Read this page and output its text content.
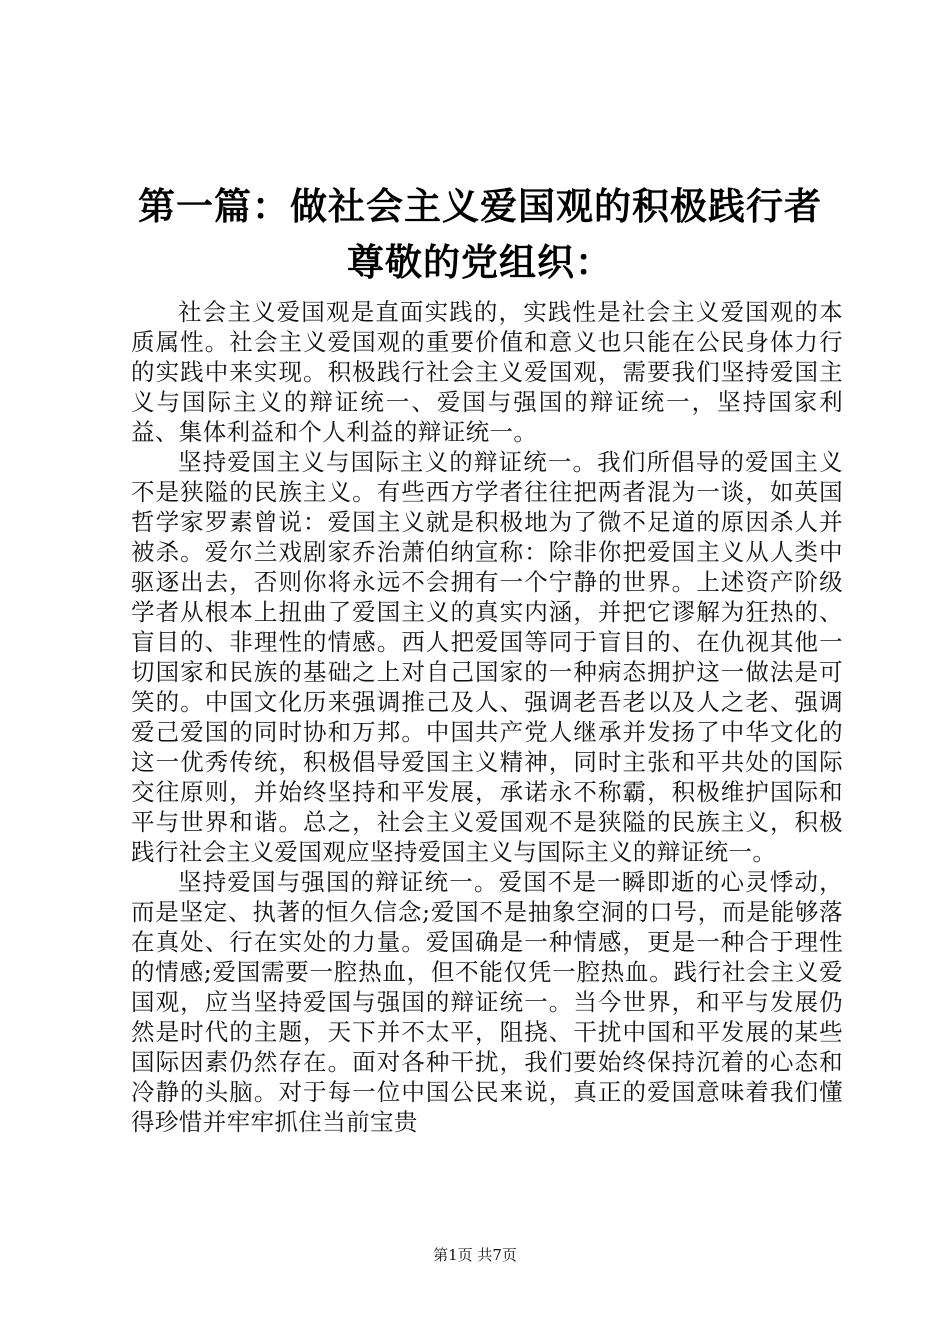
第一篇：做社会主义爱国观的积极践行者尊敬的党组织：

社会主义爱国观是直面实践的，实践性是社会主义爱国观的本质属性。社会主义爱国观的重要价值和意义也只能在公民身体力行的实践中来实现。积极践行社会主义爱国观，需要我们坚持爱国主义与国际主义的辩证统一、爱国与强国的辩证统一，坚持国家利益、集体利益和个人利益的辩证统一。

坚持爱国主义与国际主义的辩证统一。我们所倡导的爱国主义不是狭隘的民族主义。有些西方学者往往把两者混为一谈，如英国哲学家罗素曾说：爱国主义就是积极地为了微不足道的原因杀人并被杀。爱尔兰戏剧家乔治萧伯纳宣称：除非你把爱国主义从人类中驱逐出去，否则你将永远不会拥有一个宁静的世界。上述资产阶级学者从根本上扭曲了爱国主义的真实内涵，并把它谬解为狂热的、盲目的、非理性的情感。西人把爱国等同于盲目的、在仇视其他一切国家和民族的基础之上对自己国家的一种病态拥护这一做法是可笑的。中国文化历来强调推己及人、强调老吾老以及人之老、强调爱己爱国的同时协和万邦。中国共产党人继承并发扬了中华文化的这一优秀传统，积极倡导爱国主义精神，同时主张和平共处的国际交往原则，并始终坚持和平发展，承诺永不称霸，积极维护国际和平与世界和谐。总之，社会主义爱国观不是狭隘的民族主义，积极践行社会主义爱国观应坚持爱国主义与国际主义的辩证统一。

坚持爱国与强国的辩证统一。爱国不是一瞬即逝的心灵悸动，而是坚定、执著的恒久信念;爱国不是抽象空洞的口号，而是能够落在真处、行在实处的力量。爱国确是一种情感，更是一种合于理性的情感;爱国需要一腔热血，但不能仅凭一腔热血。践行社会主义爱国观，应当坚持爱国与强国的辩证统一。当今世界，和平与发展仍然是时代的主题，天下并不太平，阻挠、干扰中国和平发展的某些国际因素仍然存在。面对各种干扰，我们要始终保持沉着的心态和冷静的头脑。对于每一位中国公民来说，真正的爱国意味着我们懂得珍惜并牢牢抓住当前宝贵

第1页 共7页
